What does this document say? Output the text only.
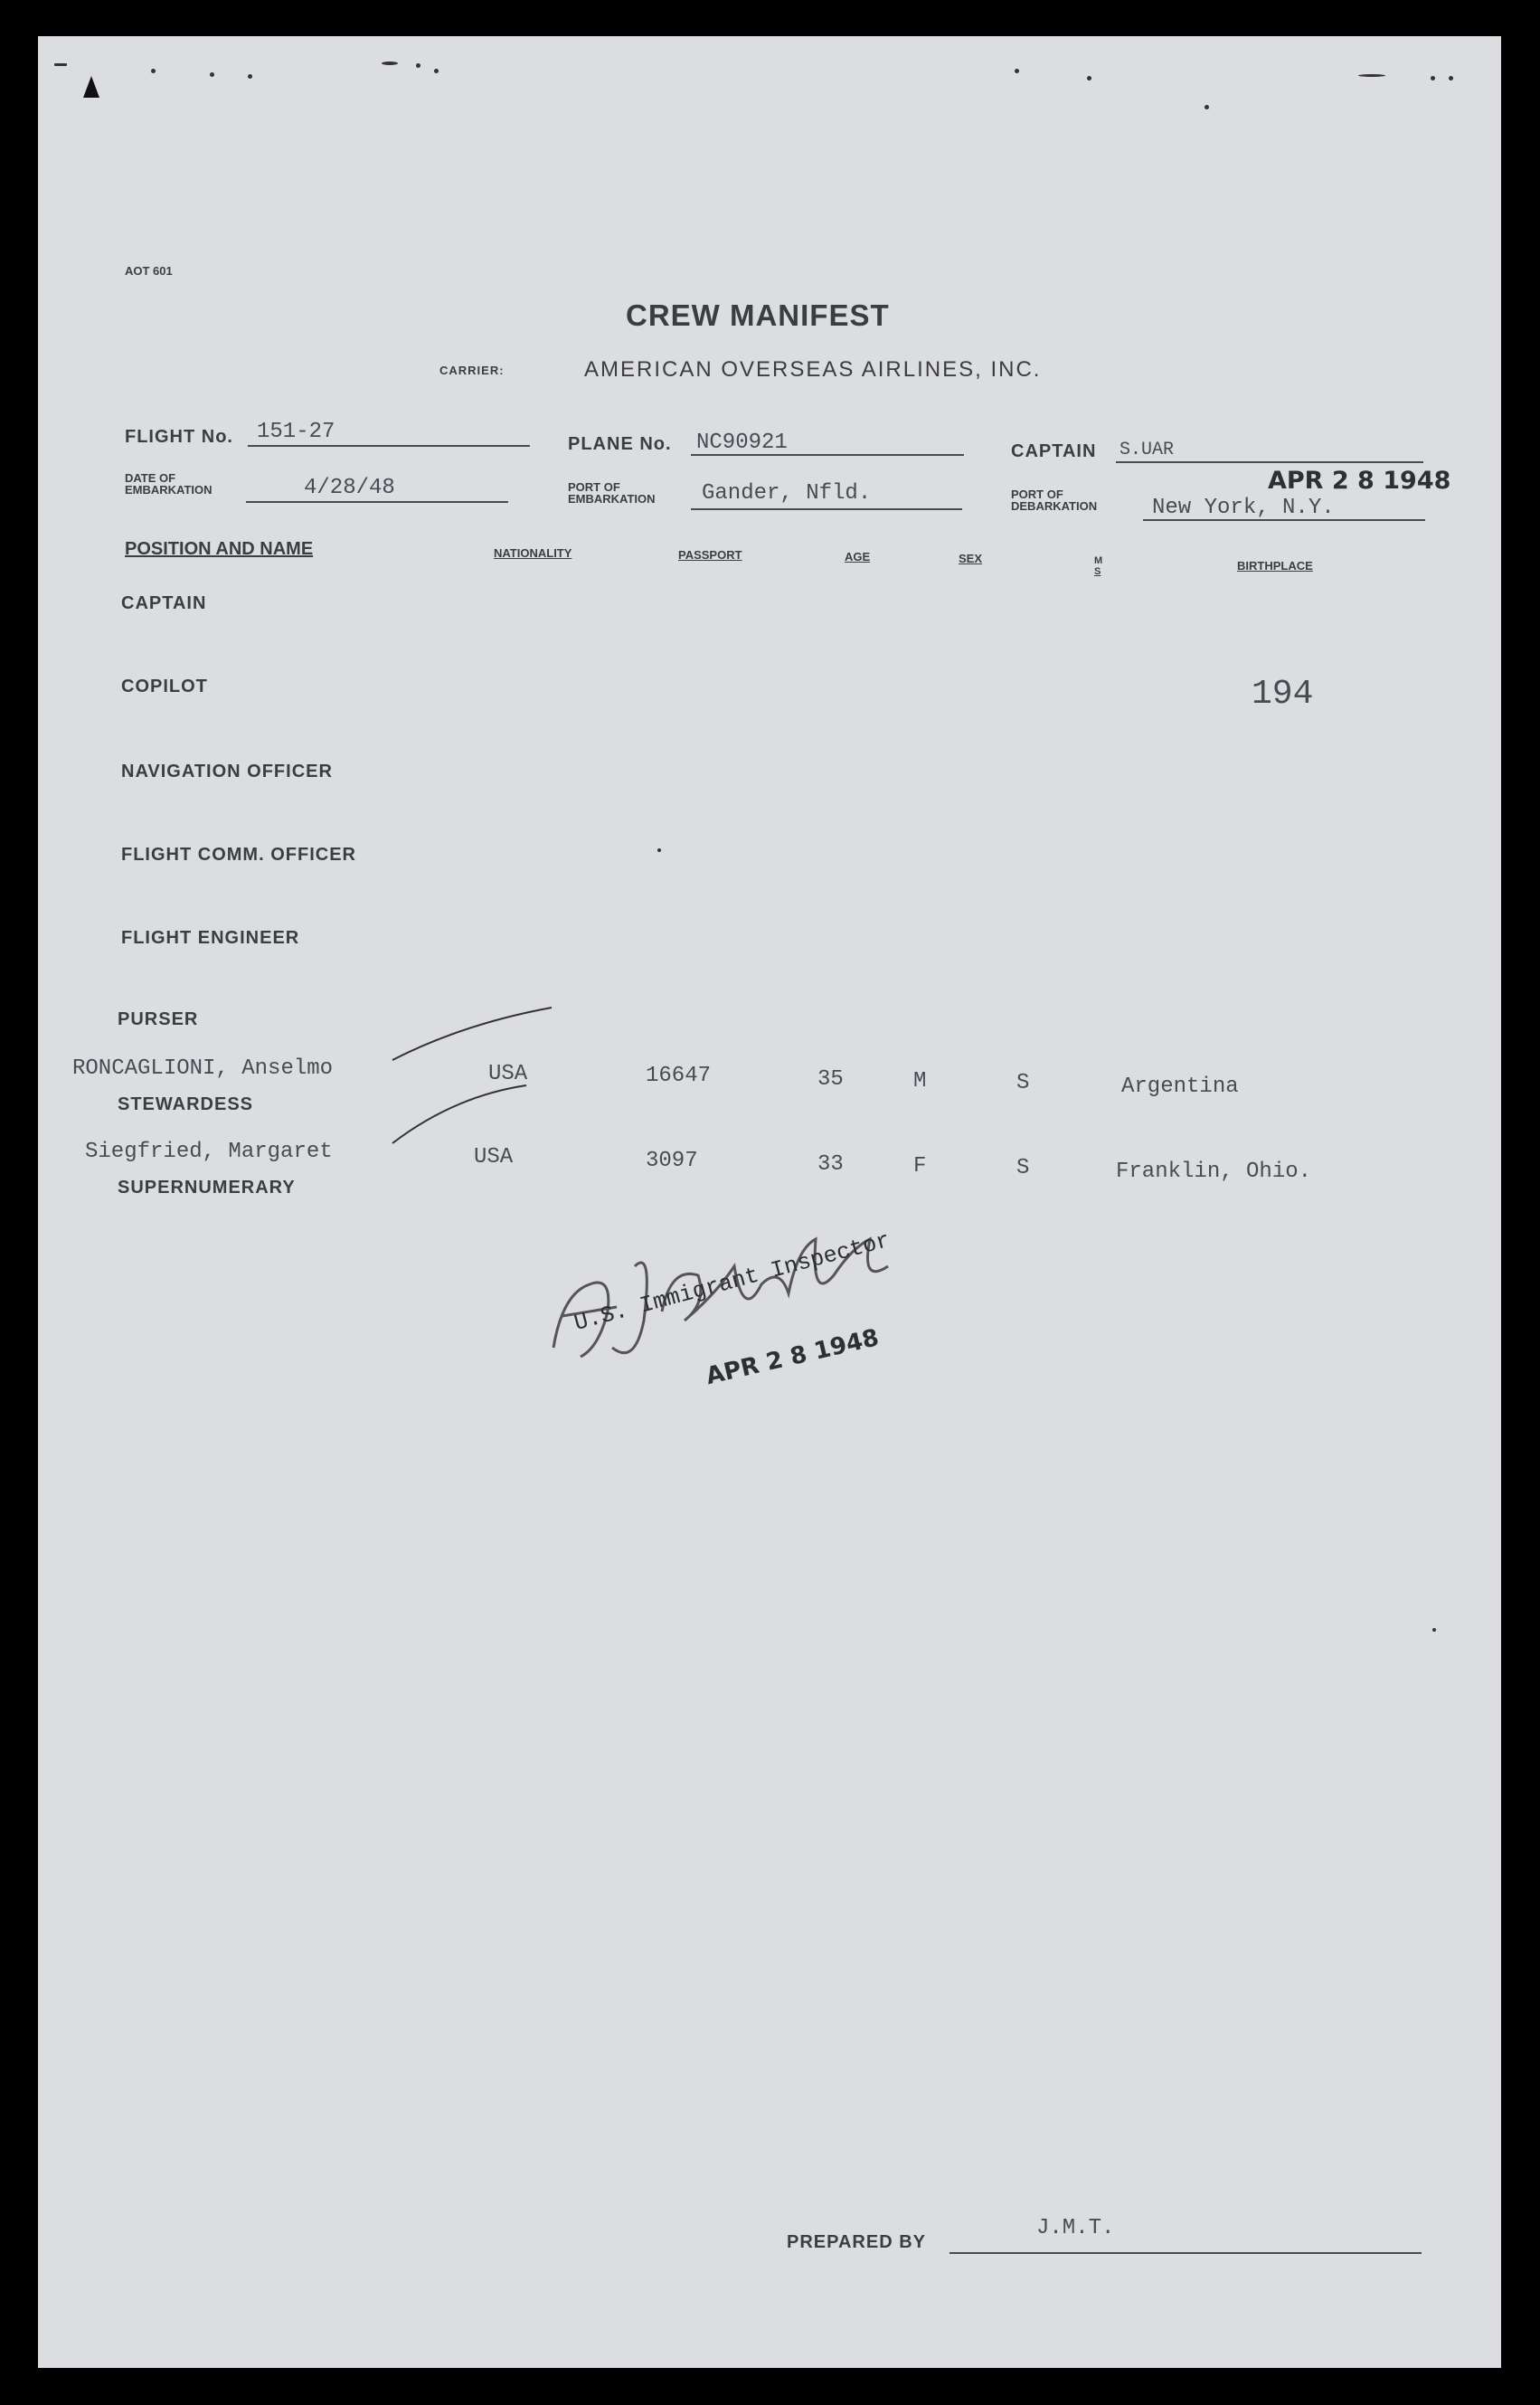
AOT 601
CREW MANIFEST
CARRIER:	AMERICAN OVERSEAS AIRLINES, INC.
FLIGHT No. 151-27	PLANE No. NC90921	CAPTAIN S.UAR
DATE OF
EMBARKATION	4/28/48	PORT OF
EMBARKATION Gander, Nfld.	PORT OF
DEBARKATION	New York, N.Y.
APR 2 8 1948
POSITION AND NAME	NATIONALITY	PASSPORT	AGE	SEX	M
S	BIRTHPLACE
194
CAPTAIN
COPILOT
NAVIGATION OFFICER
FLIGHT COMM. OFFICER
FLIGHT ENGINEER
PURSER
STEWARDESS
SUPERNUMERARY
RONCAGLIONI, Anselmo	USA	16647	35	M	S	Argentina
Siegfried, Margaret	USA	3097	33	F	S	Franklin, Ohio.
U.S. Immigrant Inspector
APR 2 8 1948
PREPARED BY
J.M.T.
